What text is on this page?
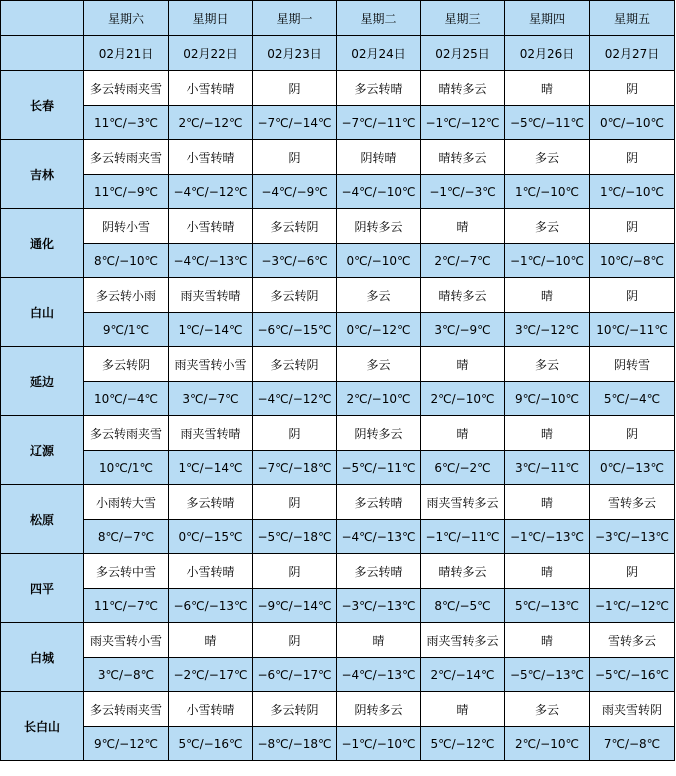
	星期六	星期日	星期一	星期二	星期三	星期四	星期五
	02月21日	02月22日	02月23日	02月24日	02月25日	02月26日	02月27日
长春	多云转雨夹雪	小雪转晴	阴	多云转晴	晴转多云	晴	阴
	11℃/−3℃	2℃/−12℃	−7℃/−14℃	−7℃/−11℃	−1℃/−12℃	−5℃/−11℃	0℃/−10℃
吉林	多云转雨夹雪	小雪转晴	阴	阴转晴	晴转多云	多云	阴
	11℃/−9℃	−4℃/−12℃	−4℃/−9℃	−4℃/−10℃	−1℃/−3℃	1℃/−10℃	1℃/−10℃
通化	阴转小雪	小雪转晴	多云转阴	阴转多云	晴	多云	阴
	8℃/−10℃	−4℃/−13℃	−3℃/−6℃	0℃/−10℃	2℃/−7℃	−1℃/−10℃	10℃/−8℃
白山	多云转小雨	雨夹雪转晴	多云转阴	多云	晴转多云	晴	阴
	9℃/1℃	1℃/−14℃	−6℃/−15℃	0℃/−12℃	3℃/−9℃	3℃/−12℃	10℃/−11℃
延边	多云转阴	雨夹雪转小雪	多云转阴	多云	晴	多云	阴转雪
	10℃/−4℃	3℃/−7℃	−4℃/−12℃	2℃/−10℃	2℃/−10℃	9℃/−10℃	5℃/−4℃
辽源	多云转雨夹雪	雨夹雪转晴	阴	阴转多云	晴	晴	阴
	10℃/1℃	1℃/−14℃	−7℃/−18℃	−5℃/−11℃	6℃/−2℃	3℃/−11℃	0℃/−13℃
松原	小雨转大雪	多云转晴	阴	多云转晴	雨夹雪转多云	晴	雪转多云
	8℃/−7℃	0℃/−15℃	−5℃/−18℃	−4℃/−13℃	−1℃/−11℃	−1℃/−13℃	−3℃/−13℃
四平	多云转中雪	小雪转晴	阴	多云转晴	晴转多云	晴	阴
	11℃/−7℃	−6℃/−13℃	−9℃/−14℃	−3℃/−13℃	8℃/−5℃	5℃/−13℃	−1℃/−12℃
白城	雨夹雪转小雪	晴	阴	晴	雨夹雪转多云	晴	雪转多云
	3℃/−8℃	−2℃/−17℃	−6℃/−17℃	−4℃/−13℃	2℃/−14℃	−5℃/−13℃	−5℃/−16℃
长白山	多云转雨夹雪	小雪转晴	多云转阴	阴转多云	晴	多云	雨夹雪转阴
	9℃/−12℃	5℃/−16℃	−8℃/−18℃	−1℃/−10℃	5℃/−12℃	2℃/−10℃	7℃/−8℃
